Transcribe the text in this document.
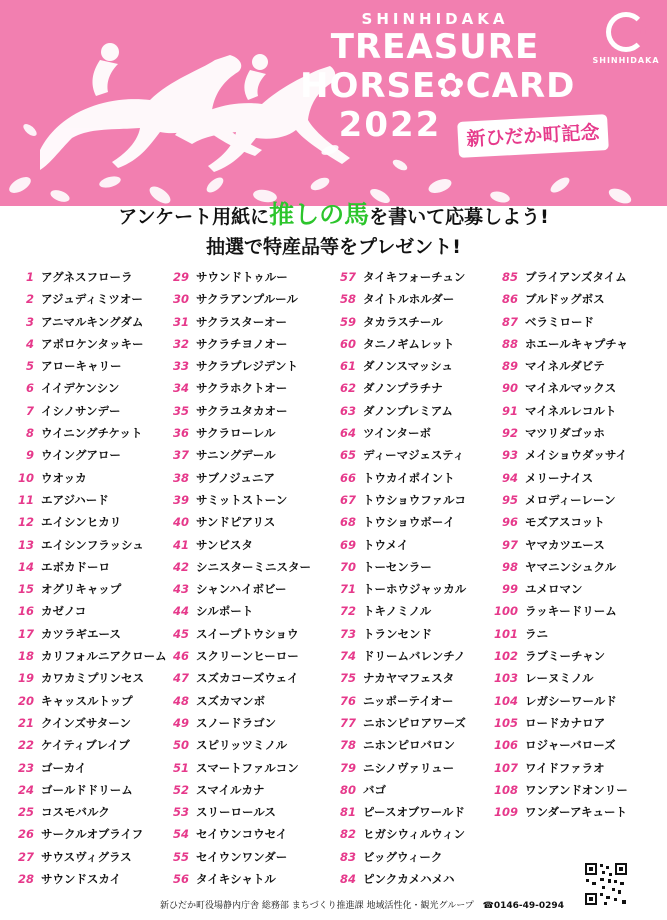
SHINHIDAKA
TREASURE
HORSE✿CARD
2022	新ひだか町記念
SHINHIDAKA
アンケート用紙に推しの馬を書いて応募しよう!
抽選で特産品等をプレゼント!
1 アグネスフローラ
2 アジュディミツオー
3 アニマルキングダム
4 アポロケンタッキー
5 アローキャリー
6 イイデケンシン
7 イシノサンデー
8 ウイニングチケット
9 ウイングアロー
10 ウオッカ
11 エアジハード
12 エイシンヒカリ
13 エイシンフラッシュ
14 エボカドーロ
15 オグリキャップ
16 カゼノコ
17 カツラギエース
18 カリフォルニアクローム
19 カワカミプリンセス
20 キャッスルトップ
21 クインズサターン
22 ケイティブレイブ
23 ゴーカイ
24 ゴールドドリーム
25 コスモバルク
26 サークルオブライフ
27 サウスヴィグラス
28 サウンドスカイ
29 サウンドトゥルー
30 サクラアンプルール
31 サクラスターオー
32 サクラチヨノオー
33 サクラプレジデント
34 サクラホクトオー
35 サクラユタカオー
36 サクラローレル
37 サニングデール
38 サブノジュニア
39 サミットストーン
40 サンドピアリス
41 サンビスタ
42 シニスターミニスター
43 シャンハイボビー
44 シルポート
45 スイープトウショウ
46 スクリーンヒーロー
47 スズカコーズウェイ
48 スズカマンボ
49 スノードラゴン
50 スピリッツミノル
51 スマートファルコン
52 スマイルカナ
53 スリーロールス
54 セイウンコウセイ
55 セイウンワンダー
56 タイキシャトル
57 タイキフォーチュン
58 タイトルホルダー
59 タカラスチール
60 タニノギムレット
61 ダノンスマッシュ
62 ダノンプラチナ
63 ダノンプレミアム
64 ツインターボ
65 ディーマジェスティ
66 トウカイポイント
67 トウショウファルコ
68 トウショウボーイ
69 トウメイ
70 トーセンラー
71 トーホウジャッカル
72 トキノミノル
73 トランセンド
74 ドリームバレンチノ
75 ナカヤマフェスタ
76 ニッポーテイオー
77 ニホンピロアワーズ
78 ニホンピロバロン
79 ニシノヴァリュー
80 バゴ
81 ピースオブワールド
82 ヒガシウィルウィン
83 ビッグウィーク
84 ピンクカメハメハ
85 ブライアンズタイム
86 ブルドッグボス
87 ベラミロード
88 ホエールキャプチャ
89 マイネルダビテ
90 マイネルマックス
91 マイネルレコルト
92 マツリダゴッホ
93 メイショウダッサイ
94 メリーナイス
95 メロディーレーン
96 モズアスコット
97 ヤマカツエース
98 ヤマニンシュクル
99 ユメロマン
100 ラッキードリーム
101 ラニ
102 ラブミーチャン
103 レーヌミノル
104 レガシーワールド
105 ロードカナロア
106 ロジャーバローズ
107 ワイドファラオ
108 ワンアンドオンリー
109 ワンダーアキュート
新ひだか町役場静内庁舎 総務部 まちづくり推進課 地域活性化・観光グループ ☎0146-49-0294
